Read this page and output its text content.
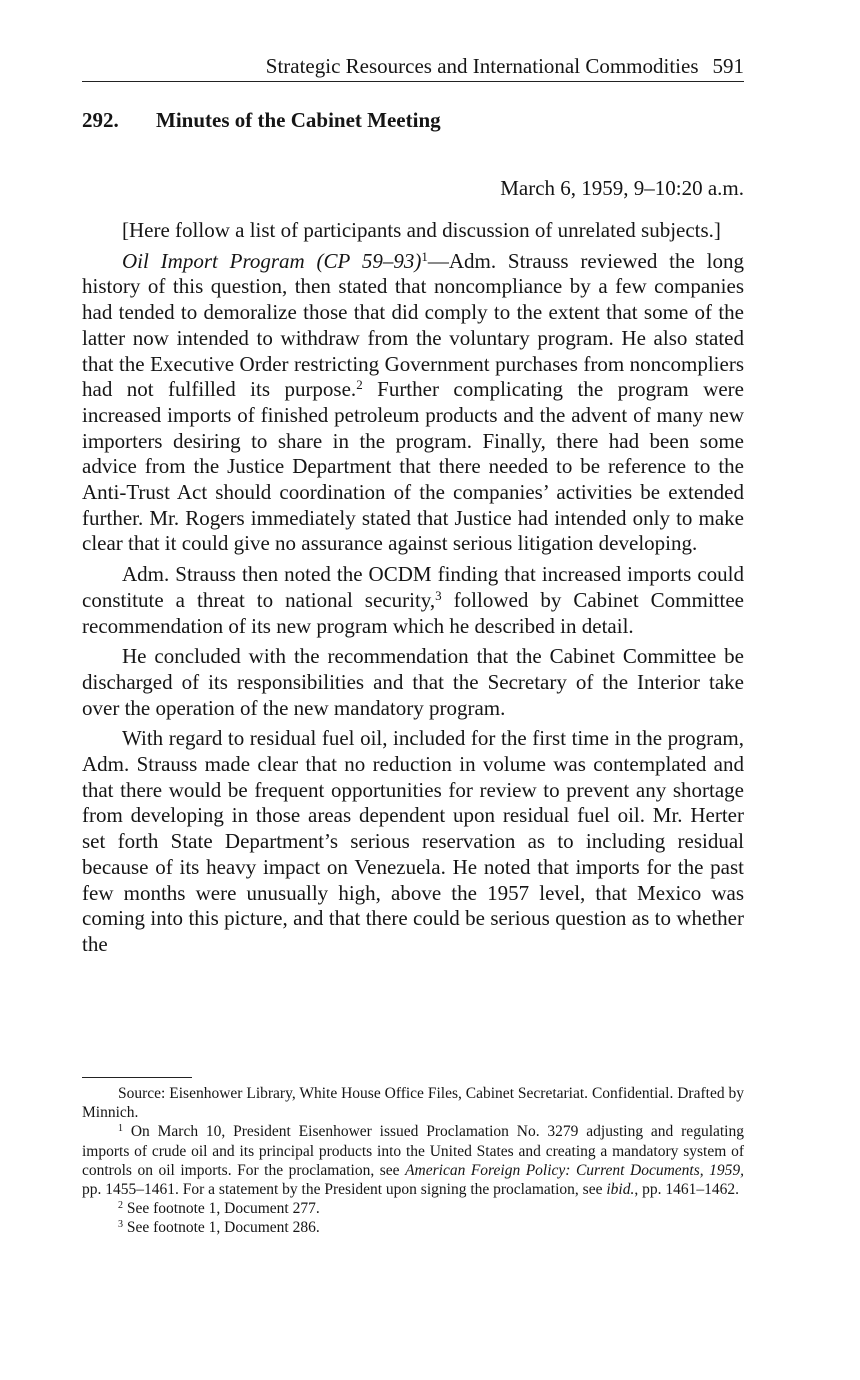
Strategic Resources and International Commodities 591
292. Minutes of the Cabinet Meeting
March 6, 1959, 9–10:20 a.m.

[Here follow a list of participants and discussion of unrelated subjects.]

Oil Import Program (CP 59–93)$^1$—Adm. Strauss reviewed the long history of this question, then stated that noncompliance by a few companies had tended to demoralize those that did comply to the extent that some of the latter now intended to withdraw from the voluntary program. He also stated that the Executive Order restricting Government purchases from noncompliers had not fulfilled its purpose.$^2$ Further complicating the program were increased imports of finished petroleum products and the advent of many new importers desiring to share in the program. Finally, there had been some advice from the Justice Department that there needed to be reference to the Anti-Trust Act should coordination of the companies’ activities be extended further. Mr. Rogers immediately stated that Justice had intended only to make clear that it could give no assurance against serious litigation developing.

Adm. Strauss then noted the OCDM finding that increased imports could constitute a threat to national security,$^3$ followed by Cabinet Committee recommendation of its new program which he described in detail.

He concluded with the recommendation that the Cabinet Committee be discharged of its responsibilities and that the Secretary of the Interior take over the operation of the new mandatory program.

With regard to residual fuel oil, included for the first time in the program, Adm. Strauss made clear that no reduction in volume was contemplated and that there would be frequent opportunities for review to prevent any shortage from developing in those areas dependent upon residual fuel oil. Mr. Herter set forth State Department’s serious reservation as to including residual because of its heavy impact on Venezuela. He noted that imports for the past few months were unusually high, above the 1957 level, that Mexico was coming into this picture, and that there could be serious question as to whether the

Source: Eisenhower Library, White House Office Files, Cabinet Secretariat. Confidential. Drafted by Minnich.

$^1$ On March 10, President Eisenhower issued Proclamation No. 3279 adjusting and regulating imports of crude oil and its principal products into the United States and creating a mandatory system of controls on oil imports. For the proclamation, see American Foreign Policy: Current Documents, 1959, pp. 1455–1461. For a statement by the President upon signing the proclamation, see ibid., pp. 1461–1462.

$^2$ See footnote 1, Document 277.

$^3$ See footnote 1, Document 286.
